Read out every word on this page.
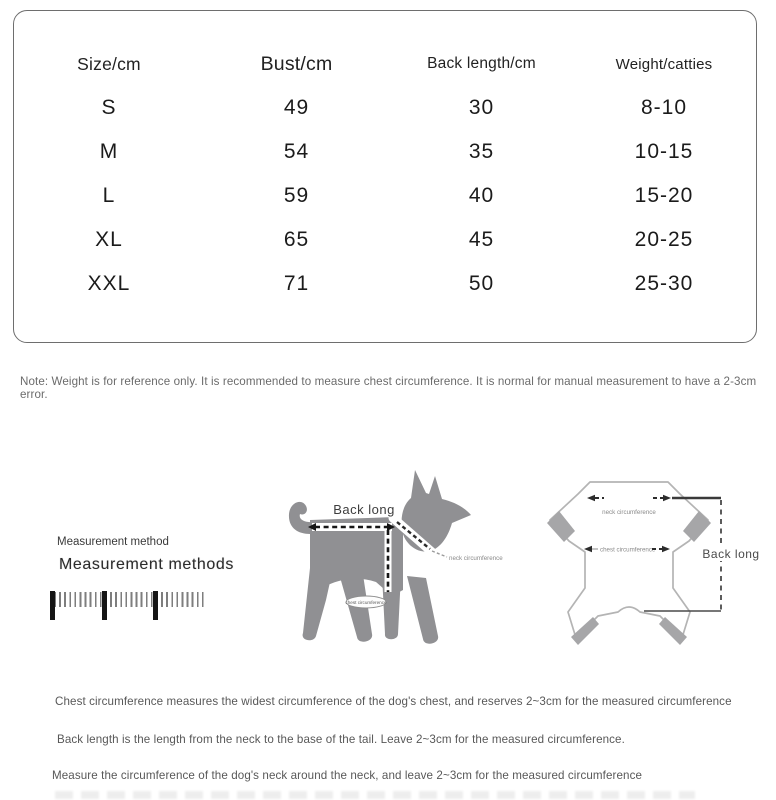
Size/cm	Bust/cm	Back length/cm	Weight/catties
S	49	30	8-10
M	54	35	10-15
L	59	40	15-20
XL	65	45	20-25
XXL	71	50	25-30
Note: Weight is for reference only. It is recommended to measure chest circumference. It is normal for manual measurement to have a 2-3cm error.
Measurement method
Measurement methods
Back long
neck circumference
chest circumference
neck circumference
chest circumference	Back long
Chest circumference measures the widest circumference of the dog's chest, and reserves 2~3cm for the measured circumference
Back length is the length from the neck to the base of the tail. Leave 2~3cm for the measured circumference.
Measure the circumference of the dog's neck around the neck, and leave 2~3cm for the measured circumference
